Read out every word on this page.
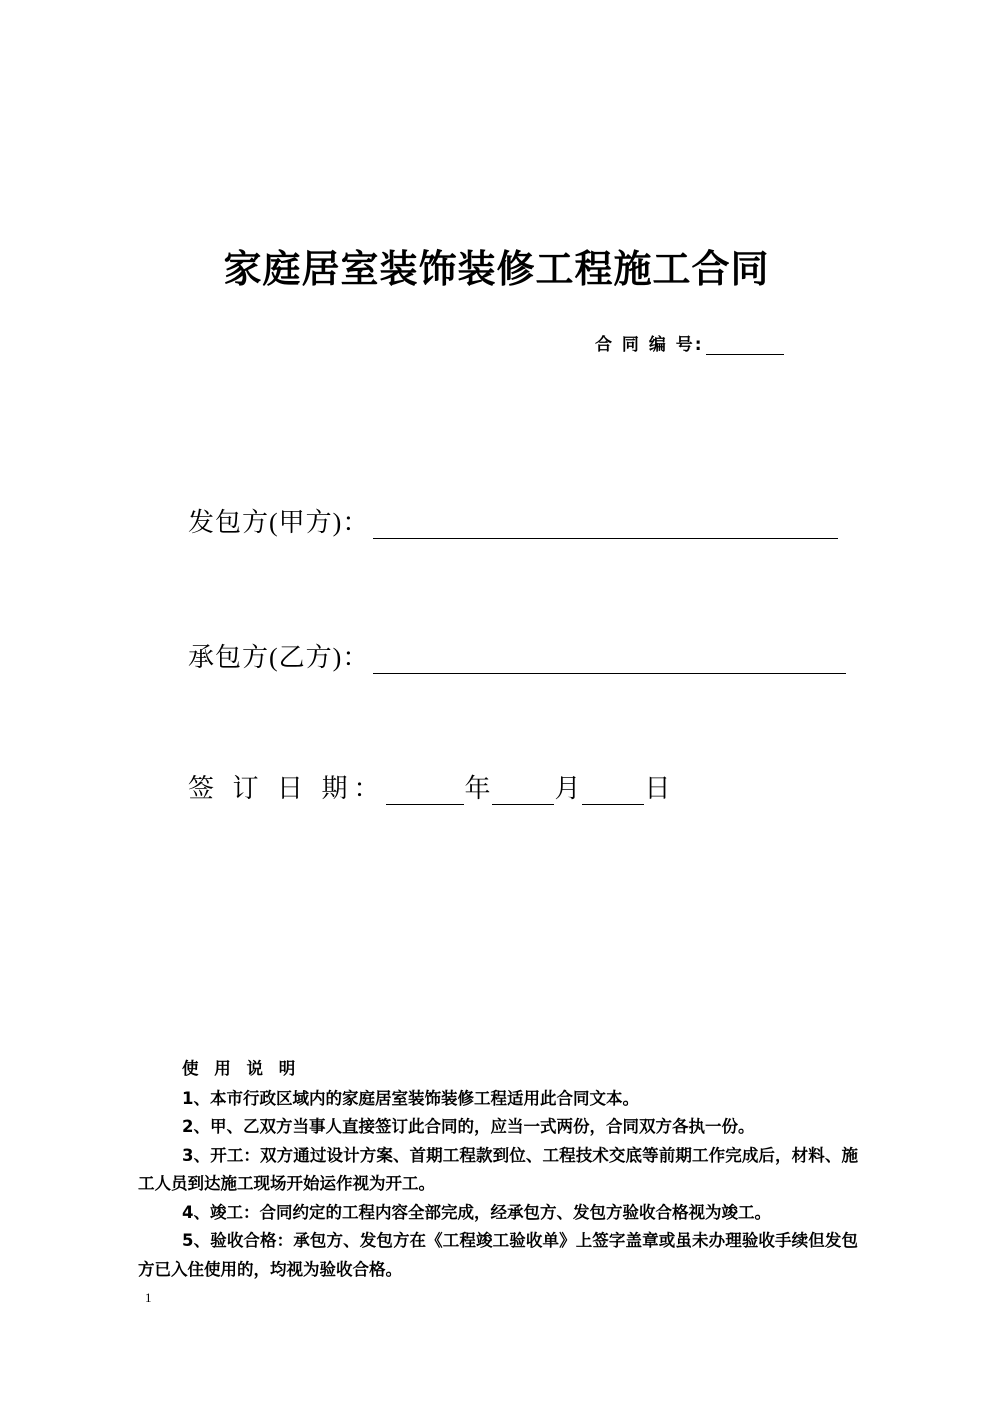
家庭居室装饰装修工程施工合同
合 同 编 号:
发包方(甲方)：
承包方(乙方)：
签 订 日 期：	年 月 日
使 用 说 明
1、本市行政区域内的家庭居室装饰装修工程适用此合同文本。
2、甲、乙双方当事人直接签订此合同的，应当一式两份，合同双方各执一份。
3、开工：双方通过设计方案、首期工程款到位、工程技术交底等前期工作完成后，材料、施工人员到达施工现场开始运作视为开工。
4、竣工：合同约定的工程内容全部完成，经承包方、发包方验收合格视为竣工。
5、验收合格：承包方、发包方在《工程竣工验收单》上签字盖章或虽未办理验收手续但发包方已入住使用的，均视为验收合格。
1
